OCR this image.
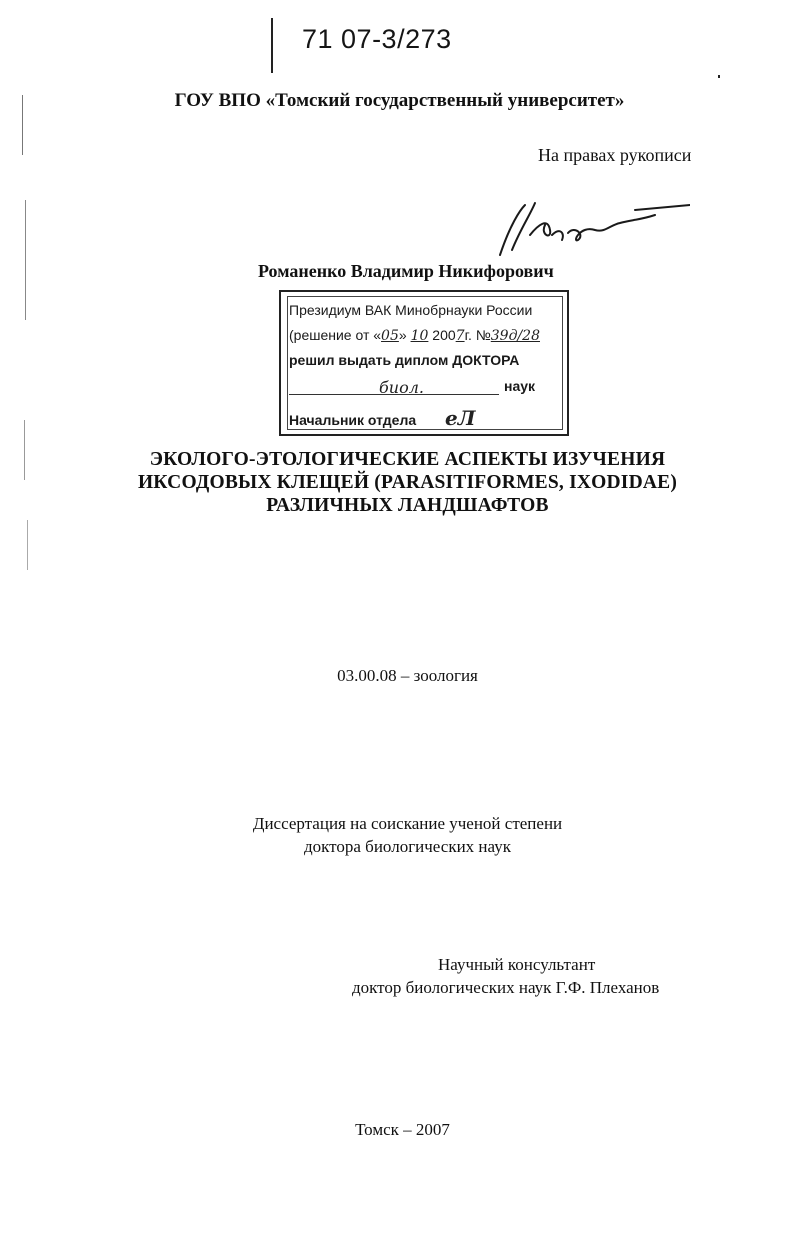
71 07-3/273
ГОУ ВПО «Томский государственный университет»
На правах рукописи
Романенко Владимир Никифорович
Президиум ВАК Минобрнауки России
(решение от «05» 10 2007г. №39д/28
решил выдать диплом ДОКТОРА
биол.	наук
Начальник отдела еЛ
ЭКОЛОГО-ЭТОЛОГИЧЕСКИЕ АСПЕКТЫ ИЗУЧЕНИЯ
ИКСОДОВЫХ КЛЕЩЕЙ (PARASITIFORMES, IXODIDAE)
РАЗЛИЧНЫХ ЛАНДШАФТОВ
03.00.08 – зоология
Диссертация на соискание ученой степени
доктора биологических наук
Научный консультант
доктор биологических наук Г.Ф. Плеханов
Томск – 2007
